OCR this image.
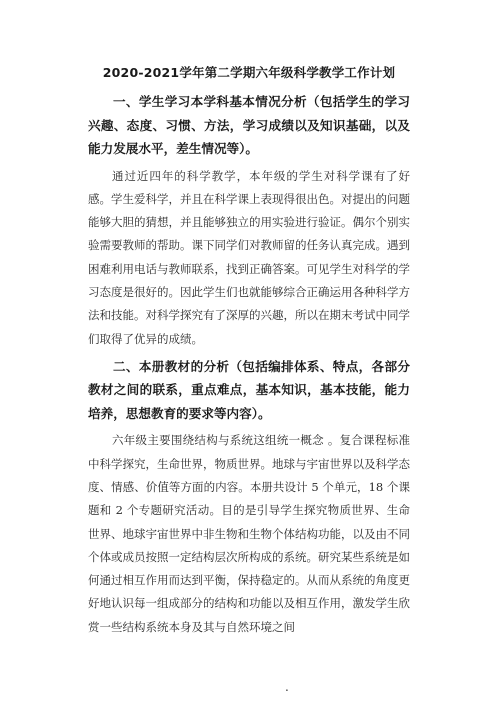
2020-2021学年第二学期六年级科学教学工作计划
一、学生学习本学科基本情况分析（包括学生的学习兴趣、态度、习惯、方法，学习成绩以及知识基础，以及能力发展水平，差生情况等）。
通过近四年的科学教学，本年级的学生对科学课有了好感。学生爱科学，并且在科学课上表现得很出色。对提出的问题能够大胆的猜想，并且能够独立的用实验进行验证。偶尔个别实验需要教师的帮助。课下同学们对教师留的任务认真完成。遇到困难利用电话与教师联系，找到正确答案。可见学生对科学的学习态度是很好的。因此学生们也就能够综合正确运用各种科学方法和技能。对科学探究有了深厚的兴趣，所以在期末考试中同学们取得了优异的成绩。
二、本册教材的分析（包括编排体系、特点，各部分教材之间的联系，重点难点，基本知识，基本技能，能力培养，思想教育的要求等内容）。
六年级主要围绕结构与系统这组统一概念 。复合课程标准中科学探究，生命世界，物质世界。地球与宇宙世界以及科学态度、情感、价值等方面的内容。本册共设计 5 个单元，18 个课题和 2 个专题研究活动。目的是引导学生探究物质世界、生命世界、地球宇宙世界中非生物和生物个体结构功能，以及由不同个体或成员按照一定结构层次所构成的系统。研究某些系统是如何通过相互作用而达到平衡，保持稳定的。从而从系统的角度更好地认识每一组成部分的结构和功能以及相互作用，激发学生欣赏一些结构系统本身及其与自然环境之间
.
